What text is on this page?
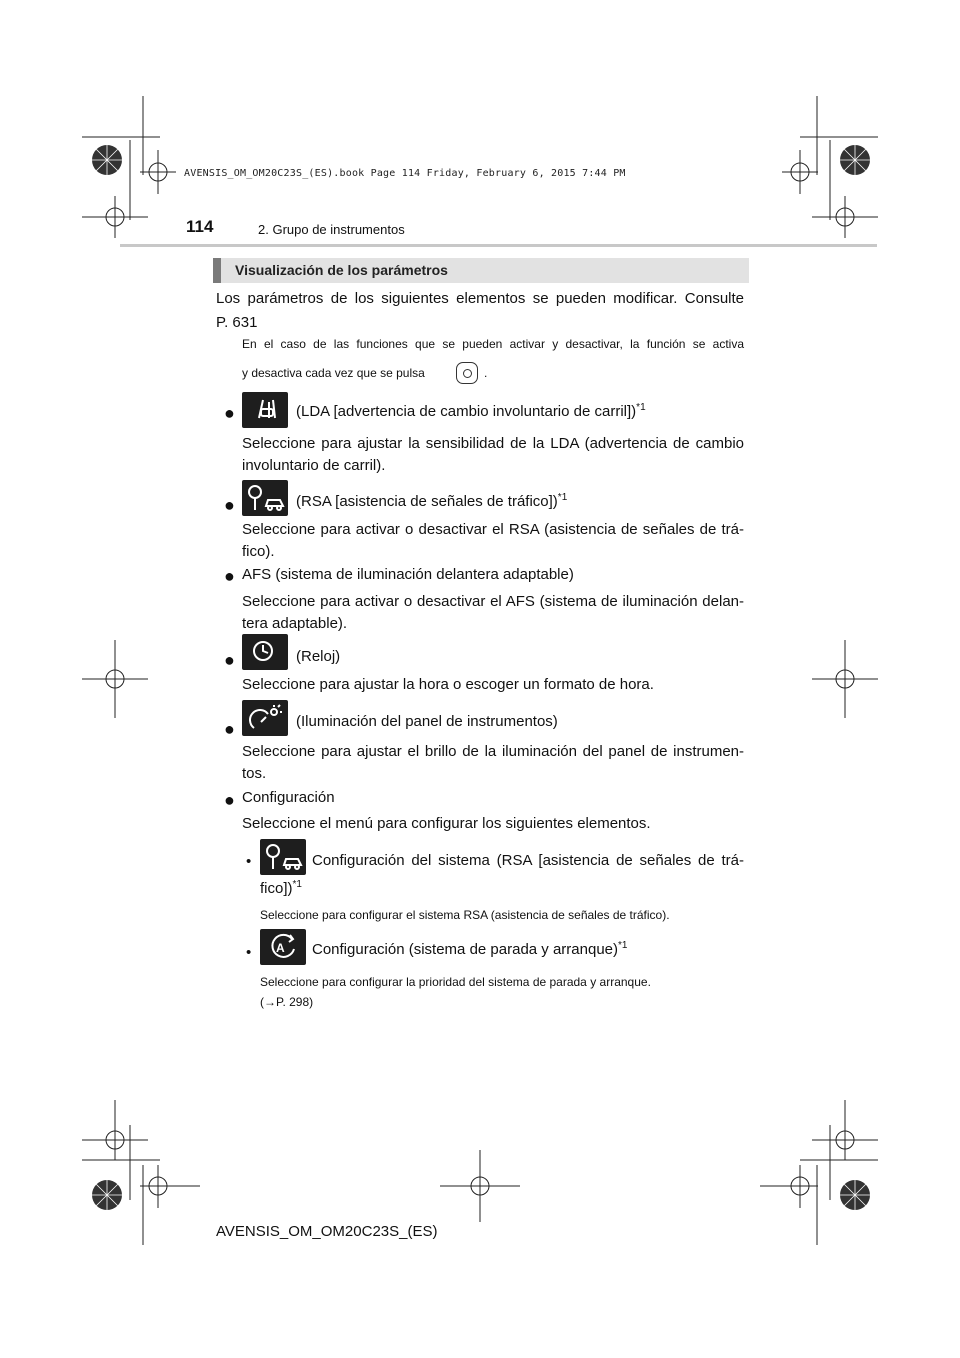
AVENSIS_OM_OM20C23S_(ES).book Page 114 Friday, February 6, 2015 7:44 PM
114	2. Grupo de instrumentos
Visualización de los parámetros
Los parámetros de los siguientes elementos se pueden modificar. Consulte
P. 631
En el caso de las funciones que se pueden activar y desactivar, la función se activa
y desactiva cada vez que se pulsa	.
●	(LDA [advertencia de cambio involuntario de carril])$^{*1}$
Seleccione para ajustar la sensibilidad de la LDA (advertencia de cambio
involuntario de carril).
●	(RSA [asistencia de señales de tráfico])$^{*1}$
Seleccione para activar o desactivar el RSA (asistencia de señales de trá-
fico).
● AFS (sistema de iluminación delantera adaptable)
Seleccione para activar o desactivar el AFS (sistema de iluminación delan-
tera adaptable).
●	(Reloj)
Seleccione para ajustar la hora o escoger un formato de hora.
●	(Iluminación del panel de instrumentos)
Seleccione para ajustar el brillo de la iluminación del panel de instrumen-
tos.
● Configuración
Seleccione el menú para configurar los siguientes elementos.
•	Configuración del sistema (RSA [asistencia de señales de trá-
fico])$^{*1}$
Seleccione para configurar el sistema RSA (asistencia de señales de tráfico).
• A Configuración (sistema de parada y arranque)$^{*1}$
Seleccione para configurar la prioridad del sistema de parada y arranque.
(→P. 298)
AVENSIS_OM_OM20C23S_(ES)
